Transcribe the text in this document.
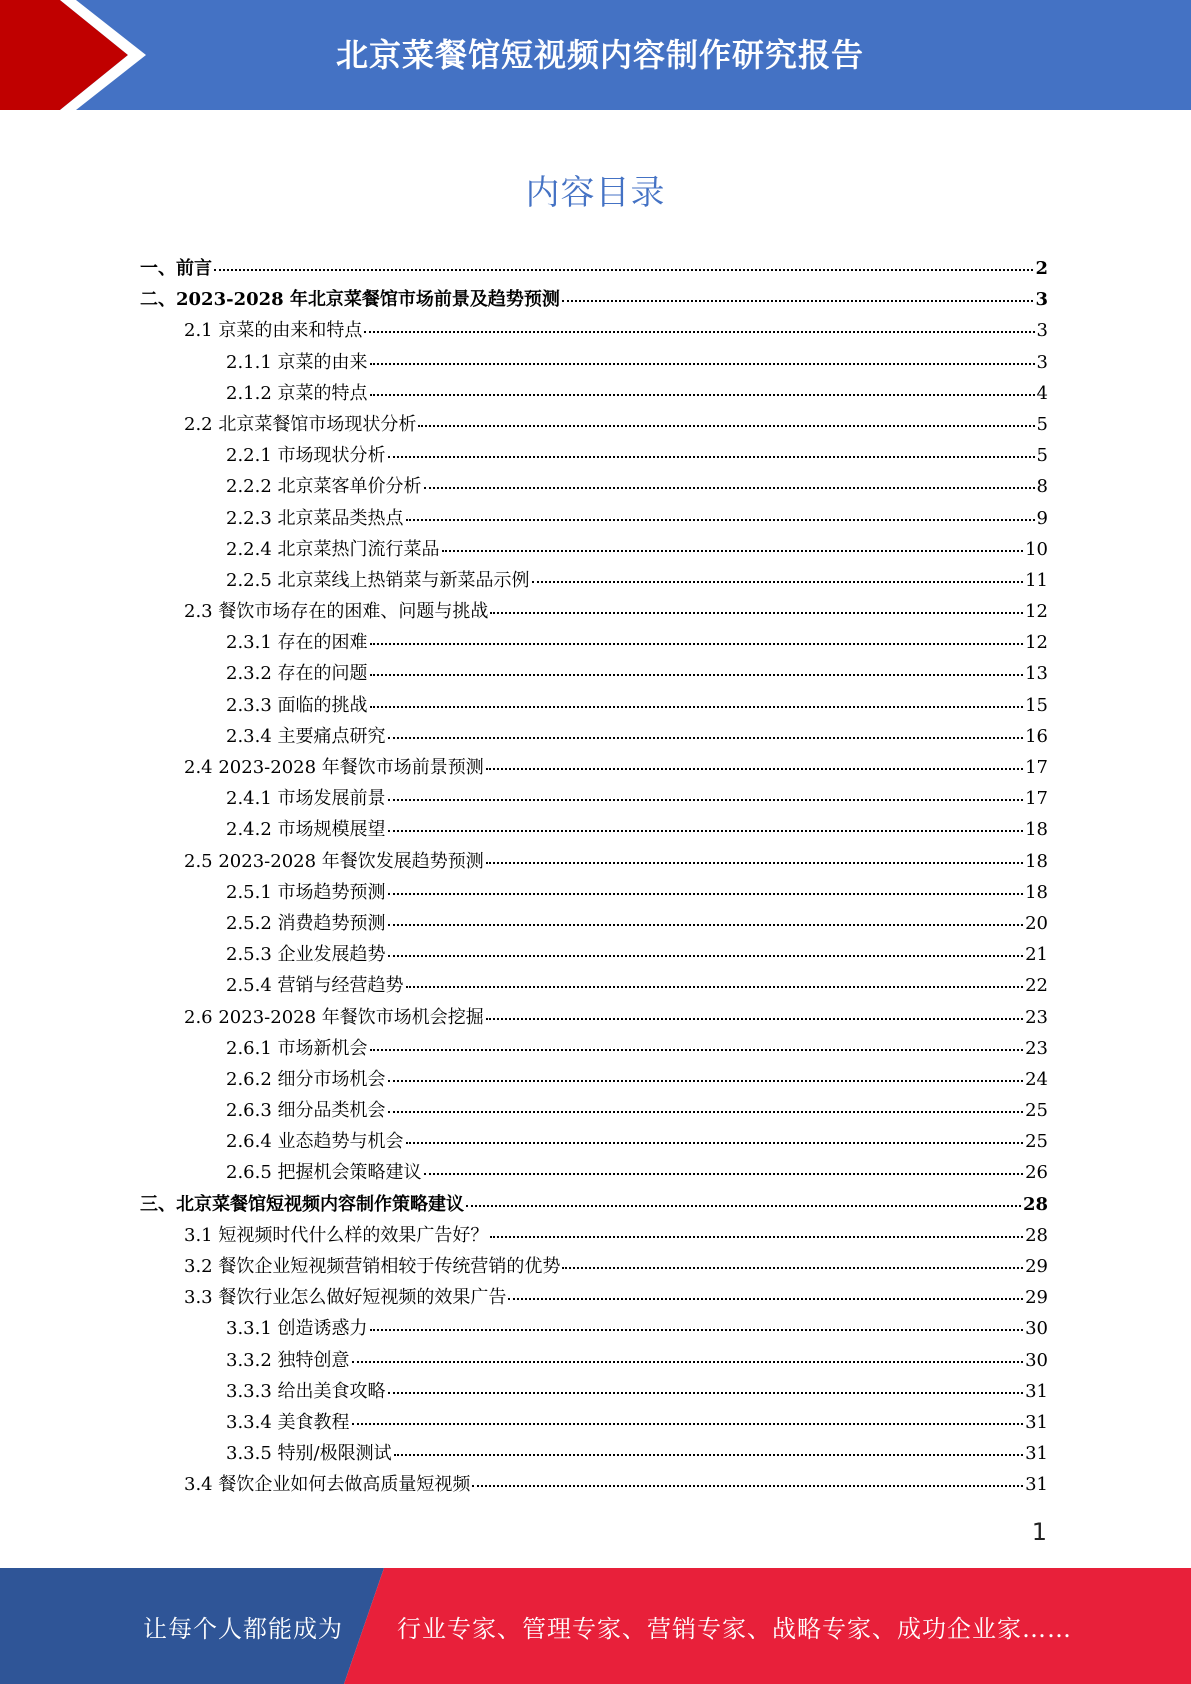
北京菜餐馆短视频内容制作研究报告
内容目录
一、前言	2
二、2023-2028 年北京菜餐馆市场前景及趋势预测	3
2.1 京菜的由来和特点	3
2.1.1 京菜的由来	3
2.1.2 京菜的特点	4
2.2 北京菜餐馆市场现状分析	5
2.2.1 市场现状分析	5
2.2.2 北京菜客单价分析	8
2.2.3 北京菜品类热点	9
2.2.4 北京菜热门流行菜品	10
2.2.5 北京菜线上热销菜与新菜品示例	11
2.3 餐饮市场存在的困难、问题与挑战	12
2.3.1 存在的困难	12
2.3.2 存在的问题	13
2.3.3 面临的挑战	15
2.3.4 主要痛点研究	16
2.4 2023-2028 年餐饮市场前景预测	17
2.4.1 市场发展前景	17
2.4.2 市场规模展望	18
2.5 2023-2028 年餐饮发展趋势预测	18
2.5.1 市场趋势预测	18
2.5.2 消费趋势预测	20
2.5.3 企业发展趋势	21
2.5.4 营销与经营趋势	22
2.6 2023-2028 年餐饮市场机会挖掘	23
2.6.1 市场新机会	23
2.6.2 细分市场机会	24
2.6.3 细分品类机会	25
2.6.4 业态趋势与机会	25
2.6.5 把握机会策略建议	26
三、北京菜餐馆短视频内容制作策略建议	28
3.1 短视频时代什么样的效果广告好？	28
3.2 餐饮企业短视频营销相较于传统营销的优势	29
3.3 餐饮行业怎么做好短视频的效果广告	29
3.3.1 创造诱惑力	30
3.3.2 独特创意	30
3.3.3 给出美食攻略	31
3.3.4 美食教程	31
3.3.5 特别/极限测试	31
3.4 餐饮企业如何去做高质量短视频	31
1
让每个人都能成为 行业专家、管理专家、营销专家、战略专家、成功企业家……
